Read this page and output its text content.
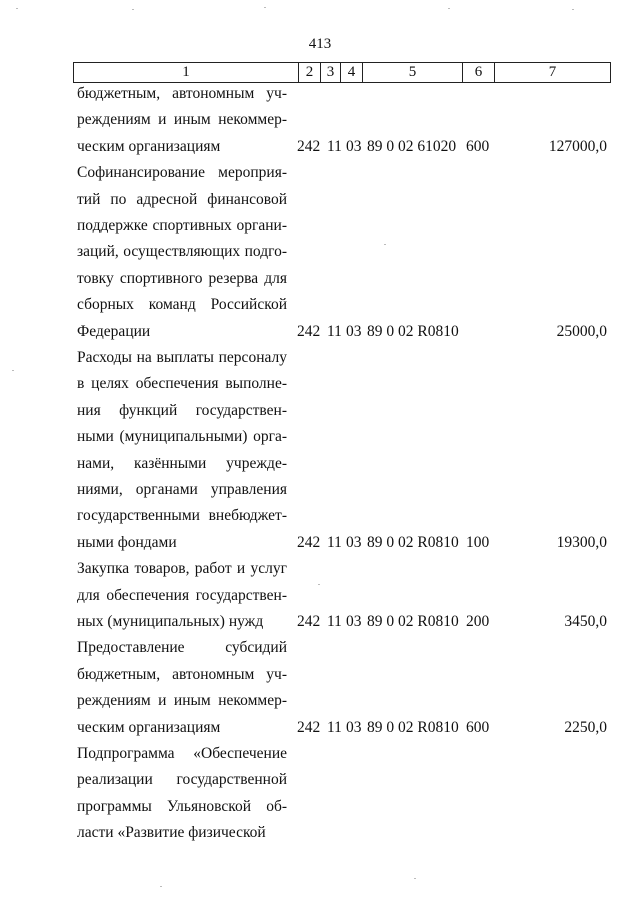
413
1	2 3 4	5	6	7
бюджетным, автономным уч-
реждениям и иным некоммер-
ческим организациям	242 11 03 89 0 02 61020 600	127000,0
Софинансирование мероприя-
тий по адресной финансовой
поддержке спортивных органи-
заций, осуществляющих подго-
товку спортивного резерва для
сборных команд Российской
Федерации	242 11 03 89 0 02 R0810	25000,0
Расходы на выплаты персоналу
в целях обеспечения выполне-
ния функций государствен-
ными (муниципальными) орга-
нами, казёнными учрежде-
ниями, органами управления
государственными внебюджет-
ными фондами	242 11 03 89 0 02 R0810 100	19300,0
Закупка товаров, работ и услуг
для обеспечения государствен-
ных (муниципальных) нужд	242 11 03 89 0 02 R0810 200	3450,0
Предоставление субсидий
бюджетным, автономным уч-
реждениям и иным некоммер-
ческим организациям	242 11 03 89 0 02 R0810 600	2250,0
Подпрограмма «Обеспечение
реализации государственной
программы Ульяновской об-
ласти «Развитие физической
